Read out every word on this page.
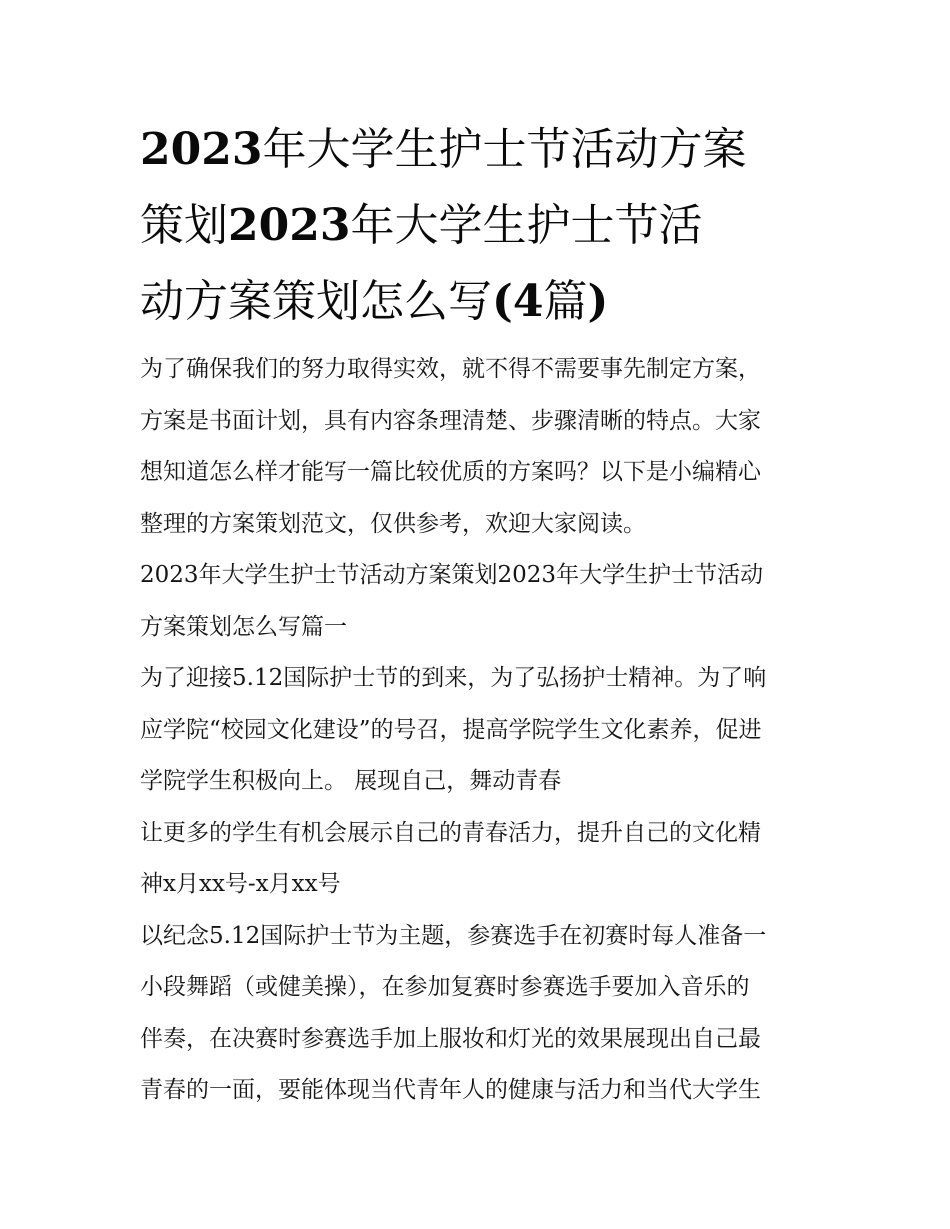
2023年大学生护士节活动方案
策划2023年大学生护士节活
动方案策划怎么写(4篇)

为了确保我们的努力取得实效，就不得不需要事先制定方案，
方案是书面计划，具有内容条理清楚、步骤清晰的特点。大家
想知道怎么样才能写一篇比较优质的方案吗？以下是小编精心
整理的方案策划范文，仅供参考，欢迎大家阅读。

2023年大学生护士节活动方案策划2023年大学生护士节活动
方案策划怎么写篇一

为了迎接5.12国际护士节的到来，为了弘扬护士精神。为了响
应学院“校园文化建设”的号召，提高学院学生文化素养，促进
学院学生积极向上。 展现自己，舞动青春

让更多的学生有机会展示自己的青春活力，提升自己的文化精
神x月xx号-x月xx号

以纪念5.12国际护士节为主题，参赛选手在初赛时每人准备一
小段舞蹈（或健美操），在参加复赛时参赛选手要加入音乐的
伴奏，在决赛时参赛选手加上服妆和灯光的效果展现出自己最
青春的一面，要能体现当代青年人的健康与活力和当代大学生
